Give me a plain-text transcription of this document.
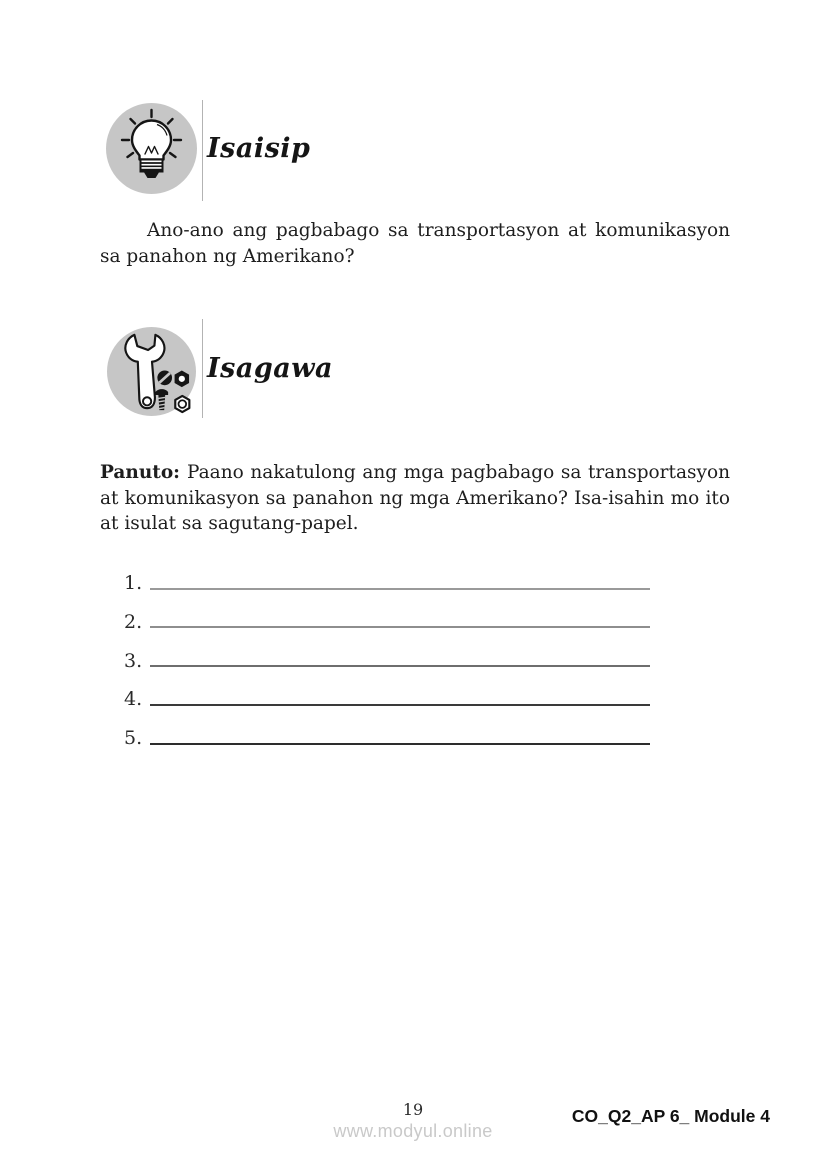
Isaisip

Ano-ano ang pagbabago sa transportasyon at komunikasyon sa panahon ng Amerikano?

Isagawa

Panuto: Paano nakatulong ang mga pagbabago sa transportasyon at komunikasyon sa panahon ng mga Amerikano? Isa-isahin mo ito at isulat sa sagutang-papel.

1.
2.
3.
4.
5.
19
www.modyul.online
CO_Q2_AP 6_ Module 4
